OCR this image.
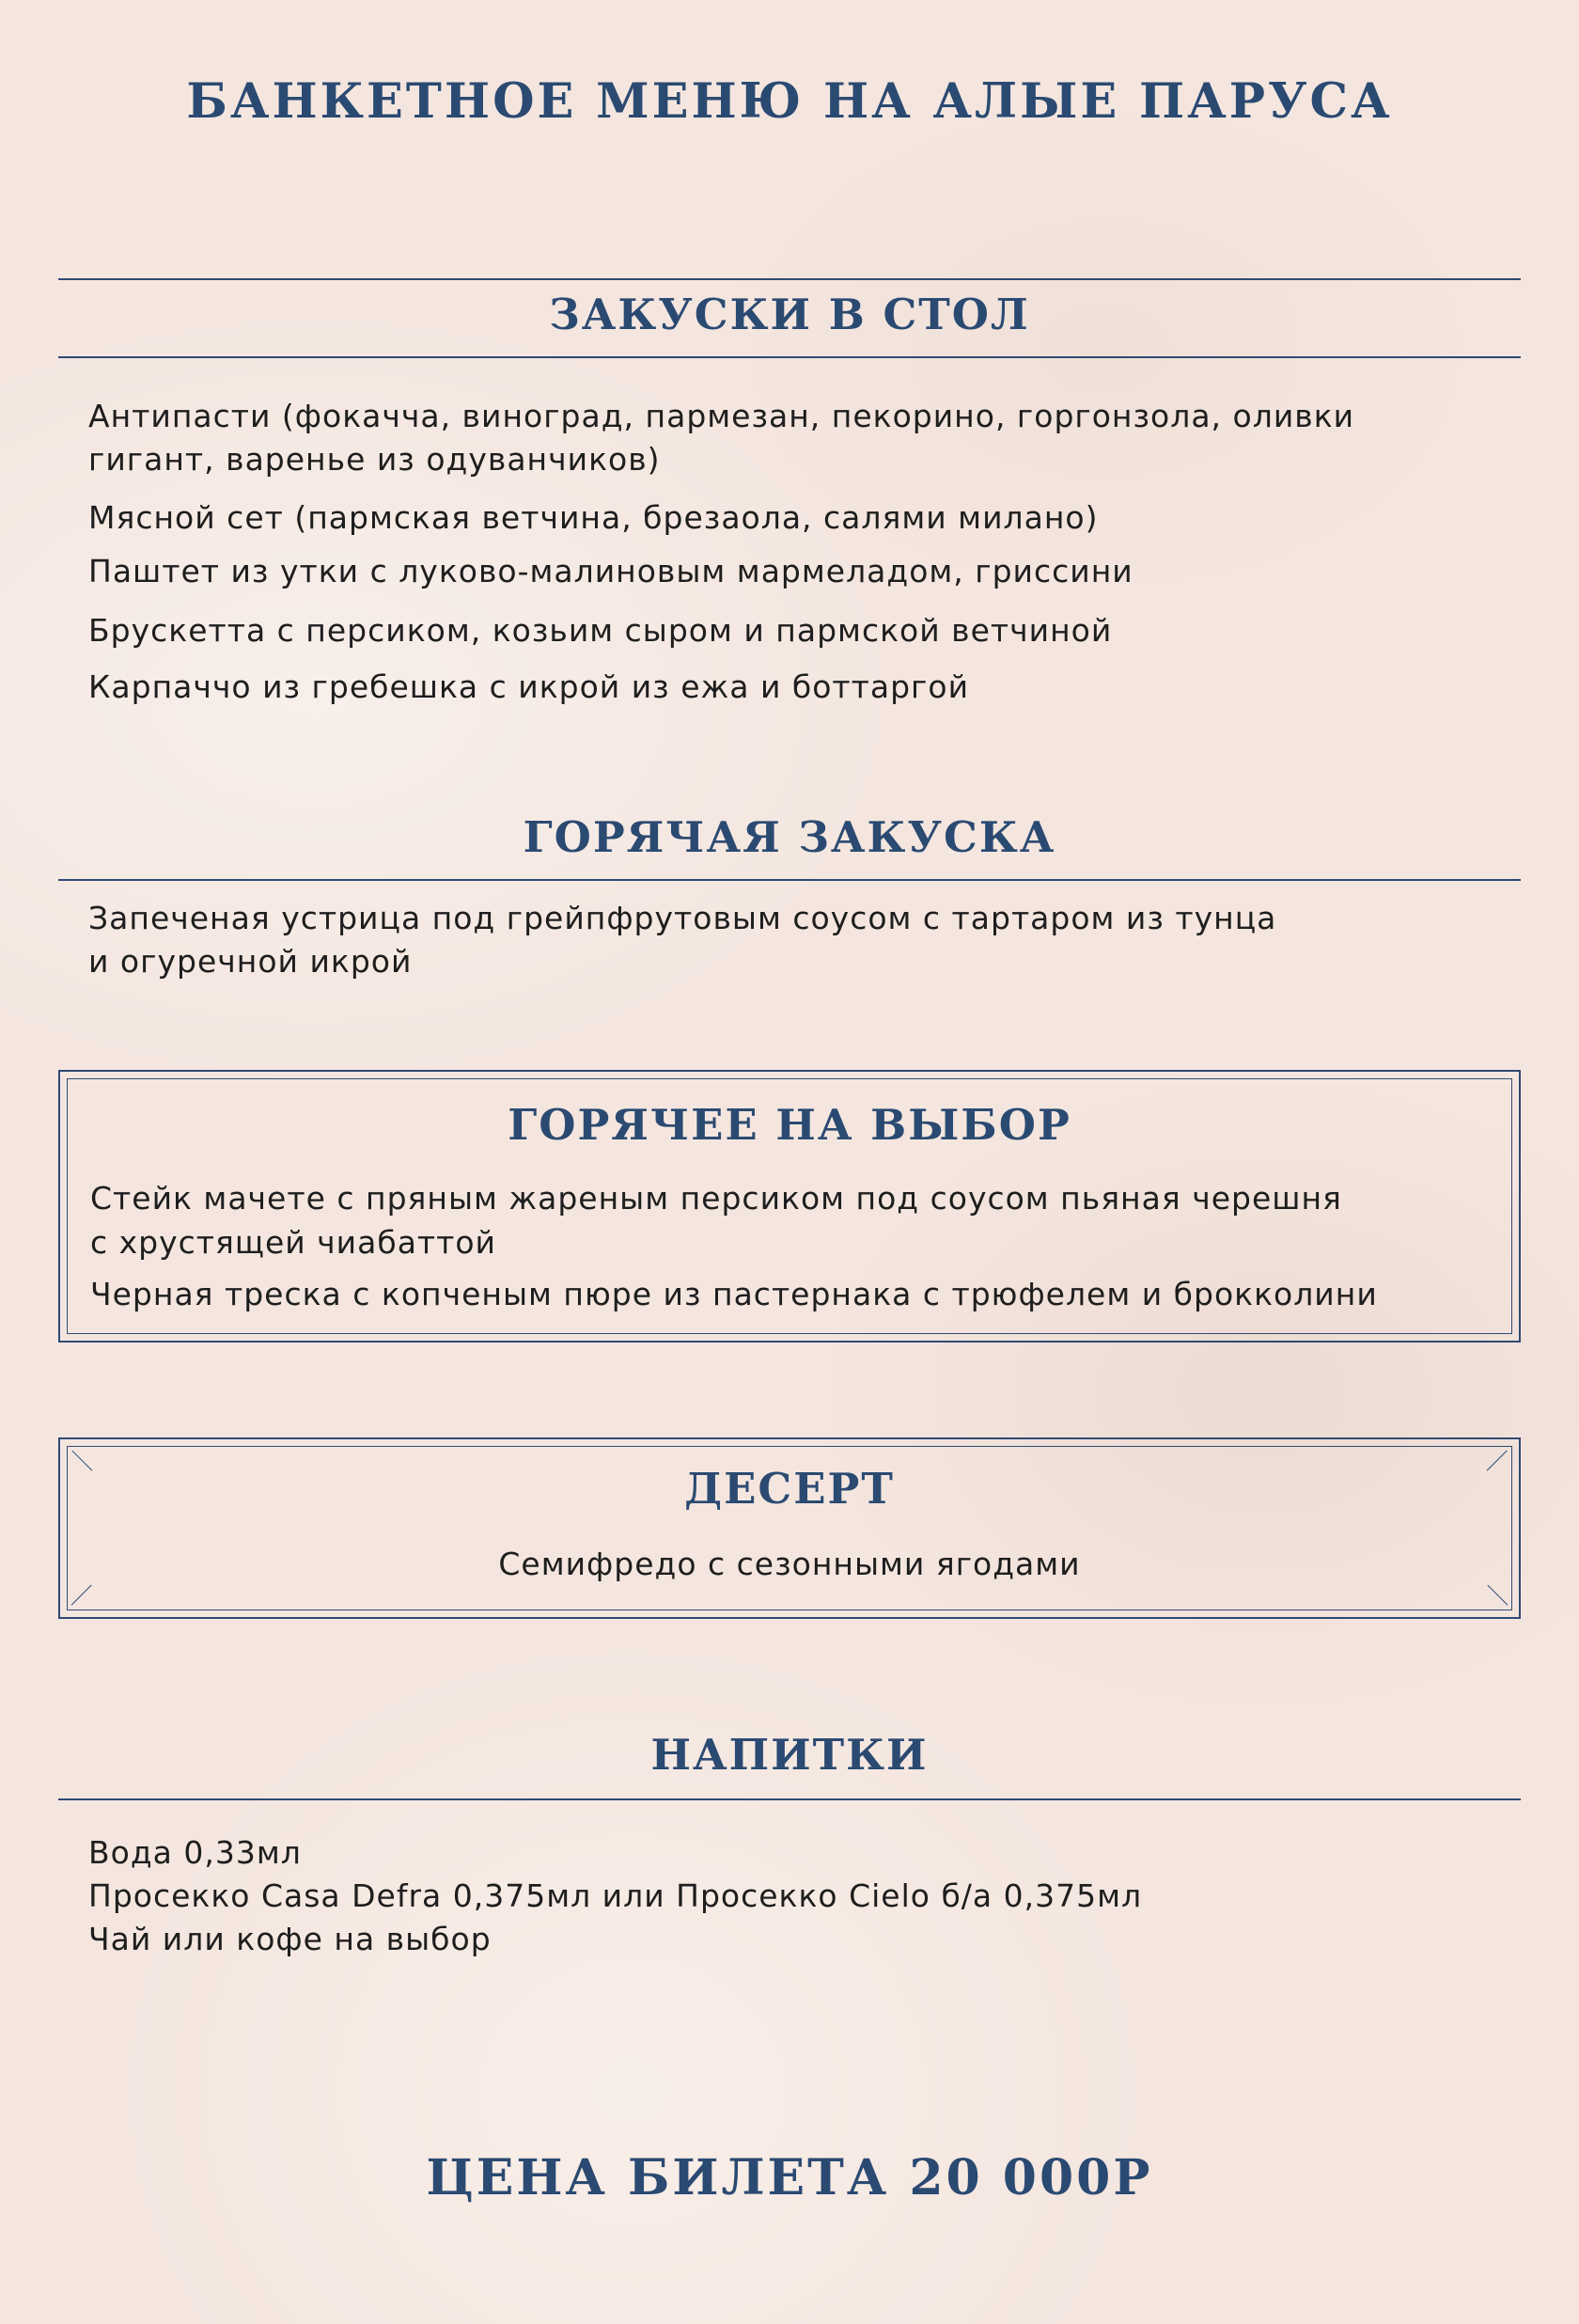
БАНКЕТНОЕ МЕНЮ НА АЛЫЕ ПАРУСА
ЗАКУСКИ В СТОЛ
Антипасти (фокачча, виноград, пармезан, пекорино, горгонзола, оливки
гигант, варенье из одуванчиков)
Мясной сет (пармская ветчина, брезаола, салями милано)
Паштет из утки с луково-малиновым мармеладом, гриссини
Брускетта с персиком, козьим сыром и пармской ветчиной
Карпаччо из гребешка с икрой из ежа и боттаргой
ГОРЯЧАЯ ЗАКУСКА
Запеченая устрица под грейпфрутовым соусом с тартаром из тунца
и огуречной икрой
ГОРЯЧЕЕ НА ВЫБОР
Стейк мачете с пряным жареным персиком под соусом пьяная черешня
с хрустящей чиабаттой
Черная треска с копченым пюре из пастернака с трюфелем и брокколини
ДЕСЕРТ
Семифредо с сезонными ягодами
НАПИТКИ
Вода 0,33мл
Просекко Casa Defra 0,375мл или Просекко Cielo б/а 0,375мл
Чай или кофе на выбор
ЦЕНА БИЛЕТА 20 000Р
